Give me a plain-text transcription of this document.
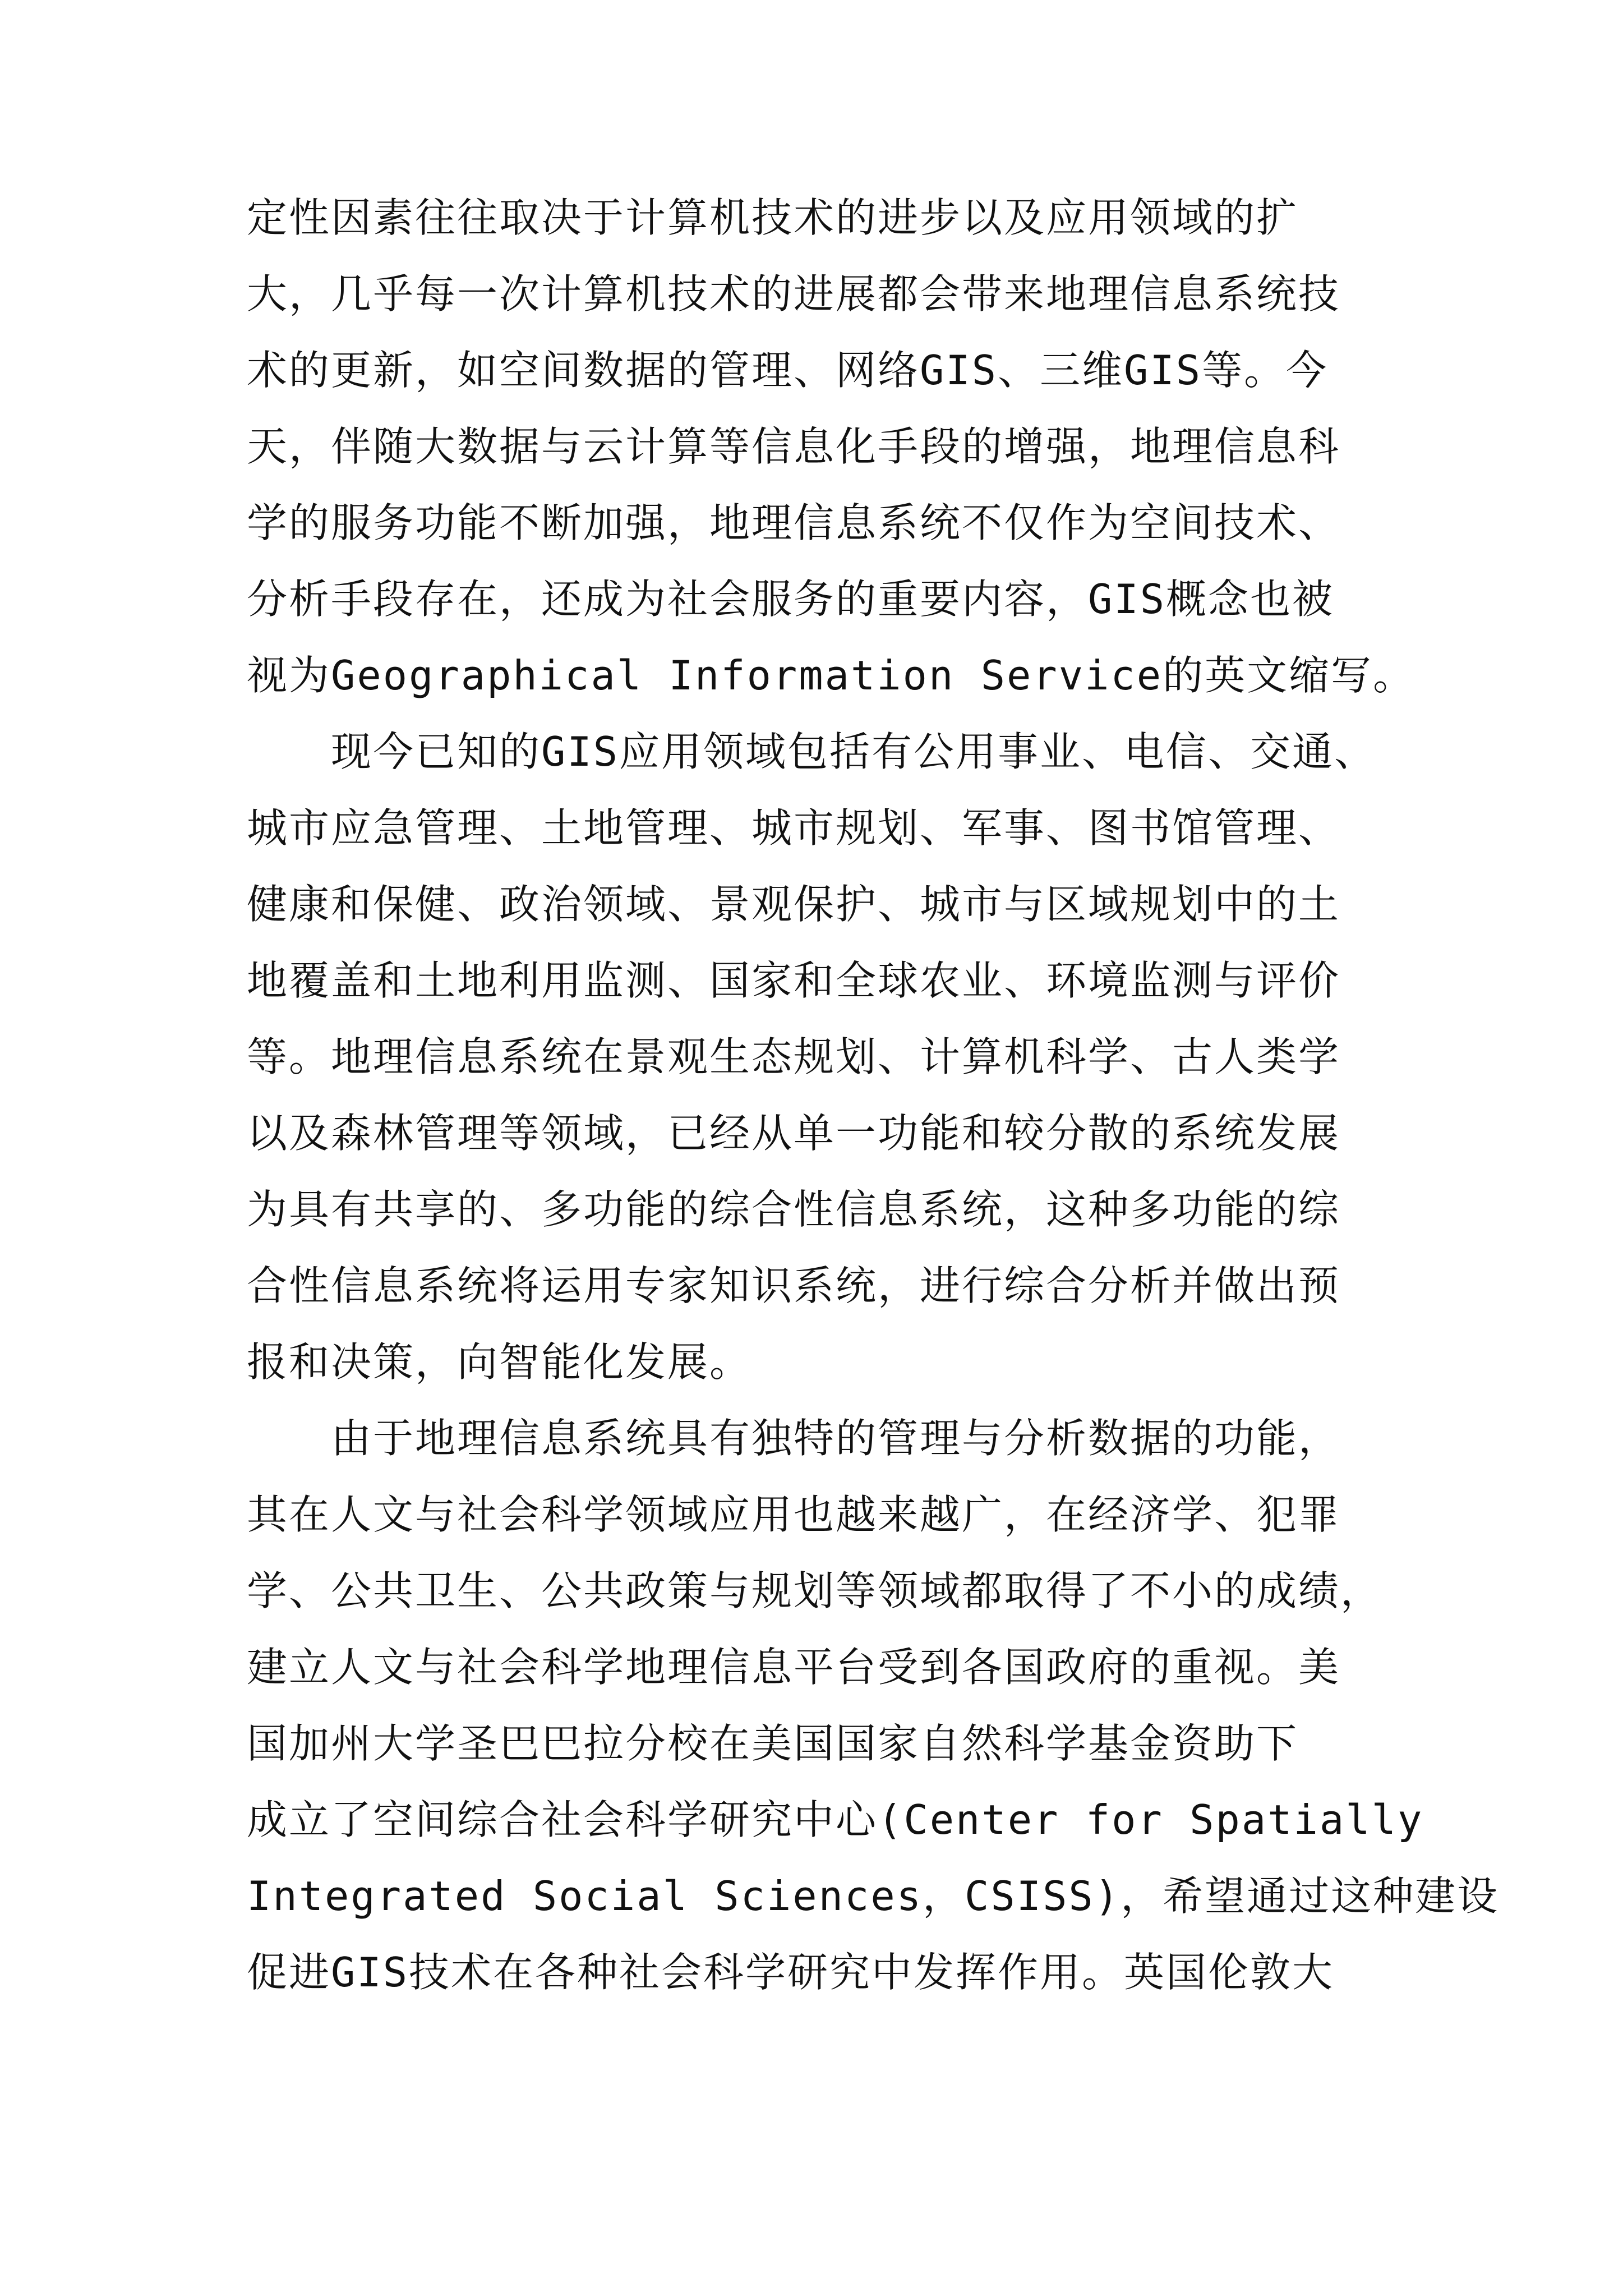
定性因素往往取决于计算机技术的进步以及应用领域的扩
大，几乎每一次计算机技术的进展都会带来地理信息系统技
术的更新，如空间数据的管理、网络GIS、三维GIS等。今
天，伴随大数据与云计算等信息化手段的增强，地理信息科
学的服务功能不断加强，地理信息系统不仅作为空间技术、
分析手段存在，还成为社会服务的重要内容，GIS概念也被
视为Geographical Information Service的英文缩写。
现今已知的GIS应用领域包括有公用事业、电信、交通、
城市应急管理、土地管理、城市规划、军事、图书馆管理、
健康和保健、政治领域、景观保护、城市与区域规划中的土
地覆盖和土地利用监测、国家和全球农业、环境监测与评价
等。地理信息系统在景观生态规划、计算机科学、古人类学
以及森林管理等领域，已经从单一功能和较分散的系统发展
为具有共享的、多功能的综合性信息系统，这种多功能的综
合性信息系统将运用专家知识系统，进行综合分析并做出预
报和决策，向智能化发展。
由于地理信息系统具有独特的管理与分析数据的功能，
其在人文与社会科学领域应用也越来越广，在经济学、犯罪
学、公共卫生、公共政策与规划等领域都取得了不小的成绩，
建立人文与社会科学地理信息平台受到各国政府的重视。美
国加州大学圣巴巴拉分校在美国国家自然科学基金资助下
成立了空间综合社会科学研究中心(Center for Spatially
Integrated Social Sciences，CSISS)，希望通过这种建设
促进GIS技术在各种社会科学研究中发挥作用。英国伦敦大
